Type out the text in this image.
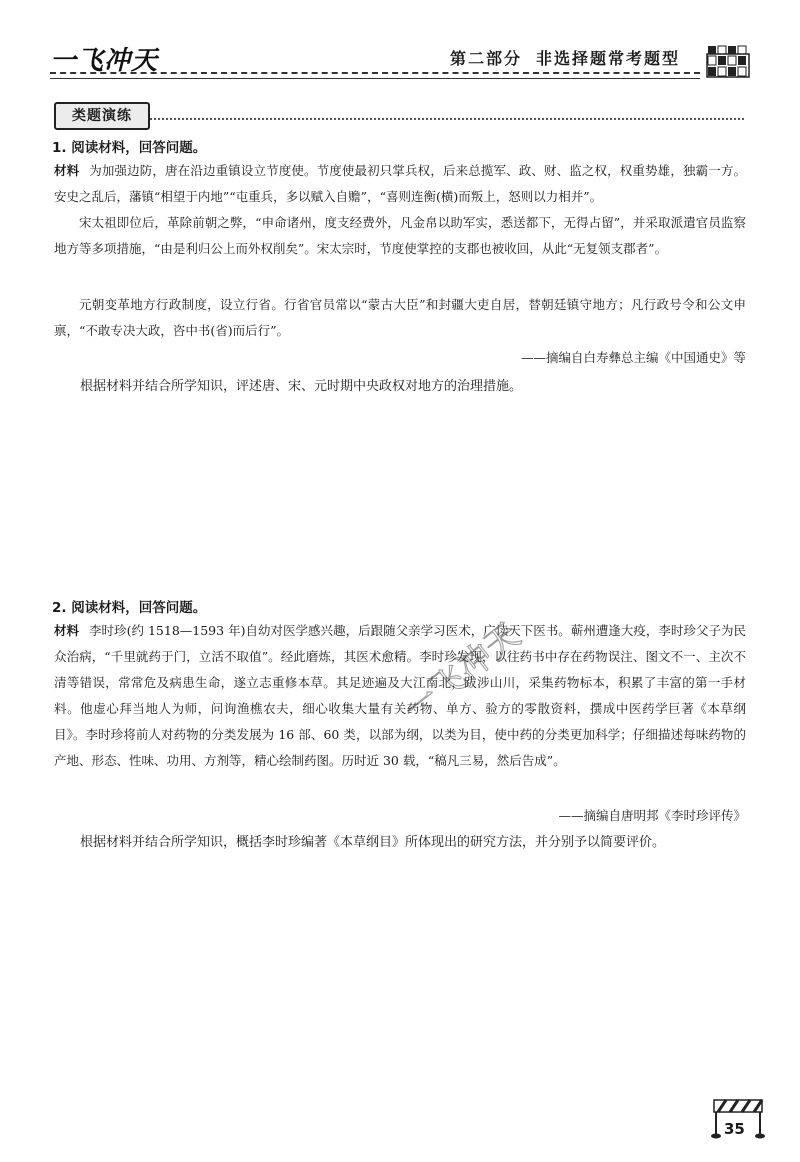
一飞冲天	第二部分 非选择题常考题型
类题演练
1. 阅读材料，回答问题。

材料 为加强边防，唐在沿边重镇设立节度使。节度使最初只掌兵权，后来总揽军、政、财、监之权，权重势雄，独霸一方。安史之乱后，藩镇“相望于内地”“屯重兵，多以赋入自赡”，“喜则连衡(横)而叛上，怒则以力相并”。

宋太祖即位后，革除前朝之弊，“申命诸州，度支经费外，凡金帛以助军实，悉送都下，无得占留”，并采取派遣官员监察地方等多项措施，“由是利归公上而外权削矣”。宋太宗时，节度使掌控的支郡也被收回，从此“无复领支郡者”。

元朝变革地方行政制度，设立行省。行省官员常以“蒙古大臣”和封疆大吏自居，替朝廷镇守地方；凡行政号令和公文申禀，“不敢专决大政，咨中书(省)而后行”。

——摘编自白寿彝总主编《中国通史》等
根据材料并结合所学知识，评述唐、宋、元时期中央政权对地方的治理措施。
2. 阅读材料，回答问题。

材料 李时珍(约 1518—1593 年)自幼对医学感兴趣，后跟随父亲学习医术，广读天下医书。蕲州遭逢大疫，李时珍父子为民众治病，“千里就药于门，立活不取值”。经此磨炼，其医术愈精。李时珍发现，以往药书中存在药物误注、图文不一、主次不清等错误，常常危及病患生命，遂立志重修本草。其足迹遍及大江南北，跋涉山川，采集药物标本，积累了丰富的第一手材料。他虚心拜当地人为师，问询渔樵农夫，细心收集大量有关药物、单方、验方的零散资料，撰成中医药学巨著《本草纲目》。李时珍将前人对药物的分类发展为 16 部、60 类，以部为纲，以类为目，使中药的分类更加科学；仔细描述每味药物的产地、形态、性味、功用、方剂等，精心绘制药图。历时近 30 载，“稿凡三易，然后告成”。

——摘编自唐明邦《李时珍评传》
根据材料并结合所学知识，概括李时珍编著《本草纲目》所体现出的研究方法，并分别予以简要评价。
一飞冲天
35
